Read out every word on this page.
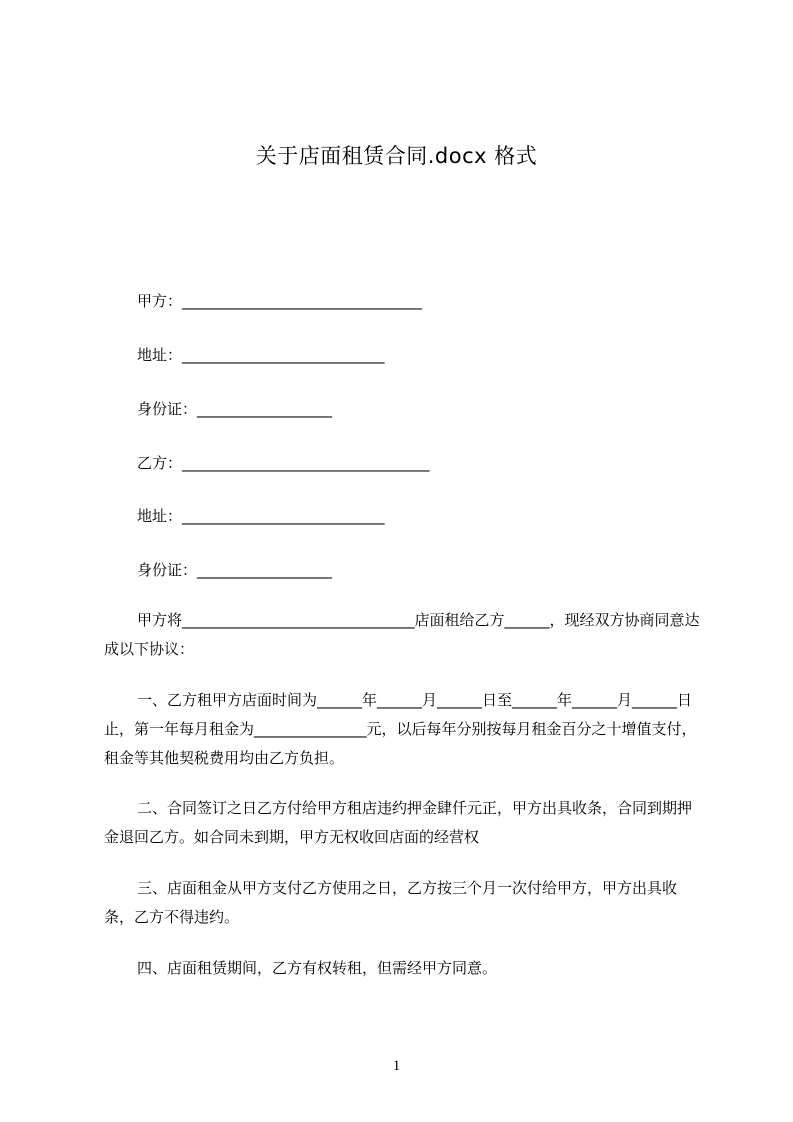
关于店面租赁合同.docx 格式
甲方：________________________________
地址：___________________________
身份证：__________________
乙方：_________________________________
地址：___________________________
身份证：__________________

甲方将_______________________________店面租给乙方______，现经双方协商同意达成以下协议：

一、乙方租甲方店面时间为______年______月______日至______年______月______日止，第一年每月租金为_______________元，以后每年分别按每月租金百分之十增值支付，租金等其他契税费用均由乙方负担。

二、合同签订之日乙方付给甲方租店违约押金肆仟元正，甲方出具收条，合同到期押金退回乙方。如合同未到期，甲方无权收回店面的经营权

三、店面租金从甲方支付乙方使用之日，乙方按三个月一次付给甲方，甲方出具收条，乙方不得违约。

四、店面租赁期间，乙方有权转租，但需经甲方同意。

1
